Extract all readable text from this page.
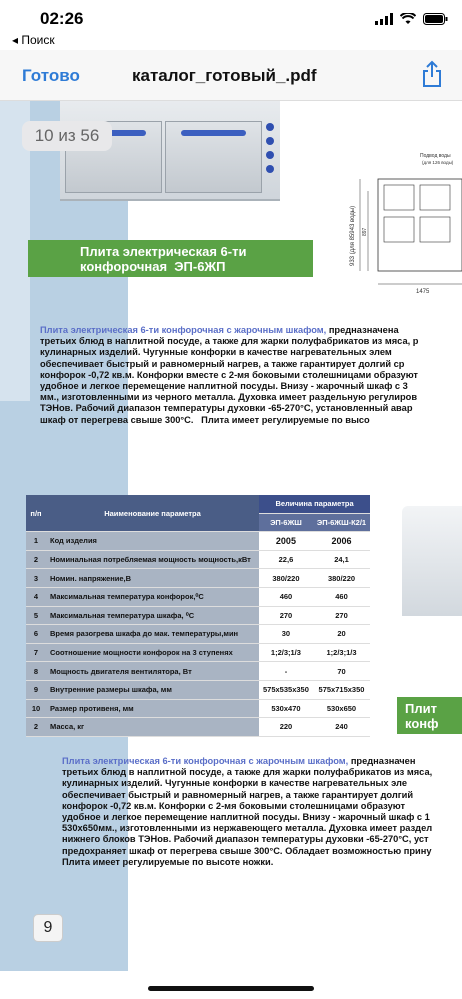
02:26
◂ Поиск
Готово	каталог_готовый_.pdf
10 из 56
Подвод воды
(для 126 воды)
933 (для 85943 воды) 897
1475
Плита электрическая 6-ти
конфорочная  ЭП-6ЖП
Плита электрическая 6-ти конфорочная с жарочным шкафом, предназначена
третьих блюд в наплитной посуде, а также для жарки полуфабрикатов из мяса, р
кулинарных изделий. Чугунные конфорки в качестве нагревательных элем
обеспечивает быстрый и равномерный нагрев, а также гарантирует долгий ср
конфорок -0,72 кв.м. Конфорки вместе с 2-мя боковыми столешницами образуют
удобное и легкое перемещение наплитной посуды. Внизу - жарочный шкаф с 3
мм., изготовленными из черного металла. Духовка имеет раздельную регулиров
ТЭНов. Рабочий диапазон температуры духовки -65-270°С, установленный авар
шкаф от перегрева свыше 300°С.   Плита имеет регулируемые по высо
п/п	Наименование параметра	Величина параметра	
		ЭП-6ЖШ	ЭП-6ЖШ-К2/1
1	Код изделия	2005	2006
2	Номинальная потребляемая мощность мощность,кВт	22,6	24,1
3	Номин. напряжение,В	380/220	380/220
4	Максимальная температура конфорок,⁰С	460	460
5	Максимальная температура шкафа, ⁰С	270	270
6	Время разогрева шкафа до мак. температуры,мин	30	20
7	Соотношение мощности конфорок на 3 ступенях	1;2/3;1/3	1;2/3;1/3
8	Мощность двигателя вентилятора, Вт	-	70
9	Внутренние размеры шкафа, мм	575х535х350	575х715х350
10	Размер противеня, мм	530х470	530х650
2	Масса, кг	220	240
Плит
конф
Плита электрическая 6-ти конфорочная с жарочным шкафом, предназначен
третьих блюд в наплитной посуде, а также для жарки полуфабрикатов из мяса,
кулинарных изделий. Чугунные конфорки в качестве нагревательных эле
обеспечивает быстрый и равномерный нагрев, а также гарантирует долгий
конфорок -0,72 кв.м. Конфорки с 2-мя боковыми столешницами образуют
удобное и легкое перемещение наплитной посуды. Внизу - жарочный шкаф с 1
530х650мм., изготовленными из нержавеющего металла. Духовка имеет раздел
нижнего блоков ТЭНов. Рабочий диапазон температуры духовки -65-270°С, уст
предохраняет шкаф от перегрева свыше 300°С. Обладает возможностью прину
Плита имеет регулируемые по высоте ножки.
9
